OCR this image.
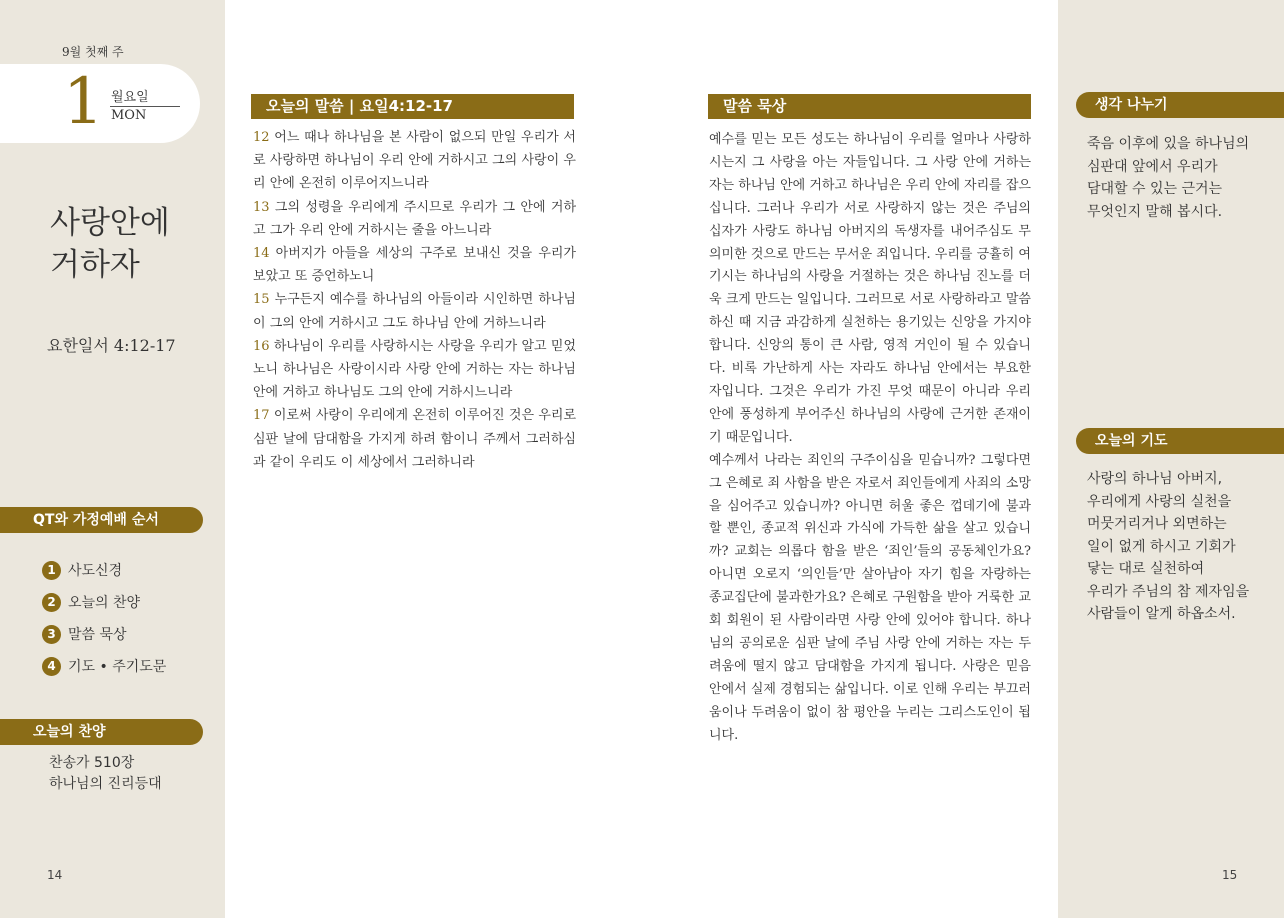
9월 첫째 주
1 월요일
MON
사랑안에
거하자
요한일서 4:12-17
QT와 가정예배 순서
1 사도신경
2 오늘의 찬양
3 말씀 묵상
4 기도 • 주기도문
오늘의 찬양
찬송가 510장
하나님의 진리등대
14
오늘의 말씀 | 요일4:12-17

12 어느 때나 하나님을 본 사람이 없으되 만일 우리가 서로 사랑하면 하나님이 우리 안에 거하시고 그의 사랑이 우리 안에 온전히 이루어지느니라

13 그의 성령을 우리에게 주시므로 우리가 그 안에 거하고 그가 우리 안에 거하시는 줄을 아느니라

14 아버지가 아들을 세상의 구주로 보내신 것을 우리가 보았고 또 증언하노니

15 누구든지 예수를 하나님의 아들이라 시인하면 하나님이 그의 안에 거하시고 그도 하나님 안에 거하느니라

16 하나님이 우리를 사랑하시는 사랑을 우리가 알고 믿었노니 하나님은 사랑이시라 사랑 안에 거하는 자는 하나님 안에 거하고 하나님도 그의 안에 거하시느니라

17 이로써 사랑이 우리에게 온전히 이루어진 것은 우리로 심판 날에 담대함을 가지게 하려 함이니 주께서 그러하심과 같이 우리도 이 세상에서 그러하니라

말씀 묵상

예수를 믿는 모든 성도는 하나님이 우리를 얼마나 사랑하시는지 그 사랑을 아는 자들입니다. 그 사랑 안에 거하는 자는 하나님 안에 거하고 하나님은 우리 안에 자리를 잡으십니다. 그러나 우리가 서로 사랑하지 않는 것은 주님의 십자가 사랑도 하나님 아버지의 독생자를 내어주심도 무의미한 것으로 만드는 무서운 죄입니다. 우리를 긍휼히 여기시는 하나님의 사랑을 거절하는 것은 하나님 진노를 더욱 크게 만드는 일입니다. 그러므로 서로 사랑하라고 말씀하신 때 지금 과감하게 실천하는 용기있는 신앙을 가지야 합니다. 신앙의 통이 큰 사람, 영적 거인이 될 수 있습니다. 비록 가난하게 사는 자라도 하나님 안에서는 부요한 자입니다. 그것은 우리가 가진 무엇 때문이 아니라 우리 안에 풍성하게 부어주신 하나님의 사랑에 근거한 존재이기 때문입니다.

예수께서 나라는 죄인의 구주이심을 믿습니까? 그렇다면 그 은혜로 죄 사함을 받은 자로서 죄인들에게 사죄의 소망을 심어주고 있습니까? 아니면 허울 좋은 껍데기에 불과할 뿐인, 종교적 위신과 가식에 가득한 삶을 살고 있습니까? 교회는 의롭다 함을 받은 ‘죄인’들의 공동체인가요? 아니면 오로지 ‘의인들’만 살아남아 자기 힘을 자랑하는 종교집단에 불과한가요? 은혜로 구원함을 받아 거룩한 교회 회원이 된 사람이라면 사랑 안에 있어야 합니다. 하나님의 공의로운 심판 날에 주님 사랑 안에 거하는 자는 두려움에 떨지 않고 담대함을 가지게 됩니다. 사랑은 믿음 안에서 실제 경험되는 삶입니다. 이로 인해 우리는 부끄러움이나 두려움이 없이 참 평안을 누리는 그리스도인이 됩니다.

생각 나누기
죽음 이후에 있을 하나님의
심판대 앞에서 우리가
담대할 수 있는 근거는
무엇인지 말해 봅시다.
오늘의 기도
사랑의 하나님 아버지,
우리에게 사랑의 실천을
머뭇거리거나 외면하는
일이 없게 하시고 기회가
닿는 대로 실천하여
우리가 주님의 참 제자임을
사람들이 알게 하옵소서.
15
